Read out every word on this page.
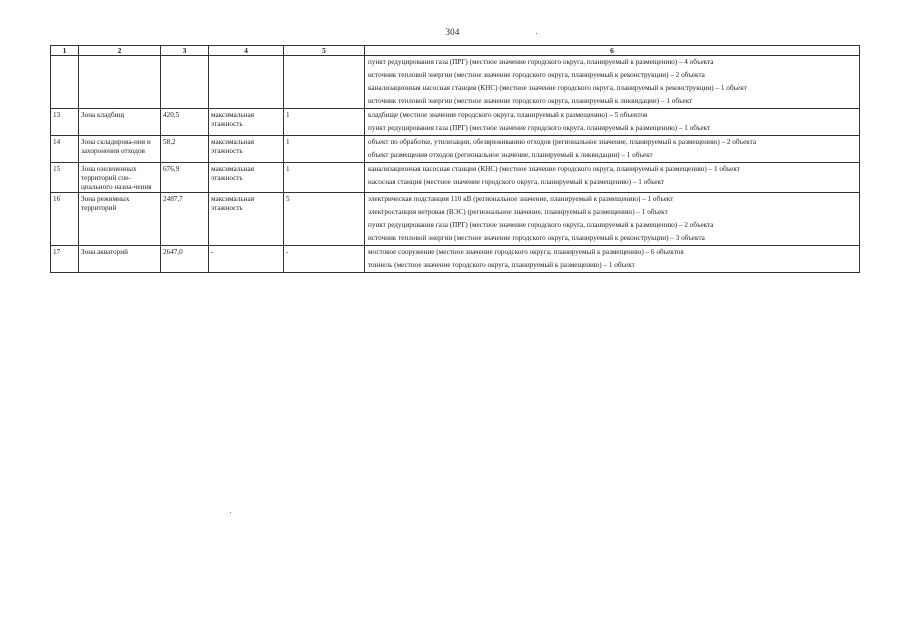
304
1	2	3	4	5	6

					пункт редуцирования газа (ПРГ) (местное значение городского округа, планируемый к размещению) – 4 объекта
источник тепловой энергии (местное значение городского округа, планируемый к реконструкции) – 2 объекта
канализационная насосная станция (КНС) (местное значение городского округа, планируемый к реконструкции) – 1 объект
источник тепловой энергии (местное значение городского округа, планируемый к ликвидации) – 1 объект

13	Зона кладбищ	420,5	максимальная этажность	1	кладбище (местное значение городского округа, планируемый к размещению) – 5 объектов
пункт редуцирования газа (ПРГ) (местное значение городского округа, планируемый к размещению) – 1 объект

14	Зона складирова-ния и захоронения отходов	58,2	максимальная этажность	1	объект по обработке, утилизации, обезвреживанию отходов (региональное значение, планируемый к размещению) – 2 объекта
объект размещения отходов (региональное значение, планируемый к ликвидации) – 1 объект

15	Зона озелененных территорий спе-циального назна-чения	676,9	максимальная этажность	1	канализационная насосная станция (КНС) (местное значение городского округа, планируемый к размещению) – 1 объект
насосная станция (местное значение городского округа, планируемый к размещению) – 1 объект

16	Зона режимных территорий	2487,7	максимальная этажность	5	электрическая подстанция 110 кВ (региональное значение, планируемый к размещению) – 1 объект
электростанция ветровая (ВЭС) (региональное значение, планируемый к размещению) – 1 объект
пункт редуцирования газа (ПРГ) (местное значение городского округа, планируемый к размещению) – 2 объекта
источник тепловой энергии (местное значение городского округа, планируемый к реконструкции) – 3 объекта

17	Зона акваторий	2647,0	-	-	мостовое сооружение (местное значение городского округа, планируемый к размещению) – 6 объектов
тоннель (местное значение городского округа, планируемый к размещению) – 1 объект
